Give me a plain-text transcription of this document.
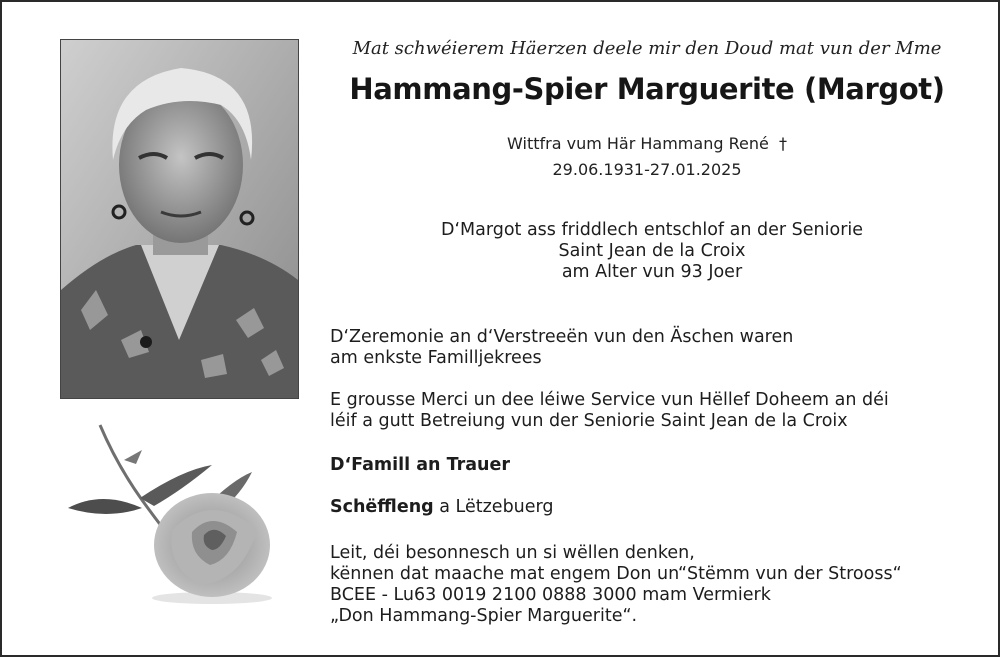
Mat schwéierem Häerzen deele mir den Doud mat vun der Mme
Hammang-Spier Marguerite (Margot)
Wittfra vum Här Hammang René †
29.06.1931-27.01.2025
D‘Margot ass friddlech entschlof an der Seniorie
Saint Jean de la Croix
am Alter vun 93 Joer
D‘Zeremonie an d‘Verstreeën vun den Äschen waren
am enkste Familljekrees
E grousse Merci un dee léiwe Service vun Hëllef Doheem an déi
léif a gutt Betreiung vun der Seniorie Saint Jean de la Croix
D‘Famill an Trauer
Schëffleng a Lëtzebuerg
Leit, déi besonnesch un si wëllen denken,
kënnen dat maache mat engem Don un“Stëmm vun der Strooss“
BCEE - Lu63 0019 2100 0888 3000 mam Vermierk
„Don Hammang-Spier Marguerite“.
